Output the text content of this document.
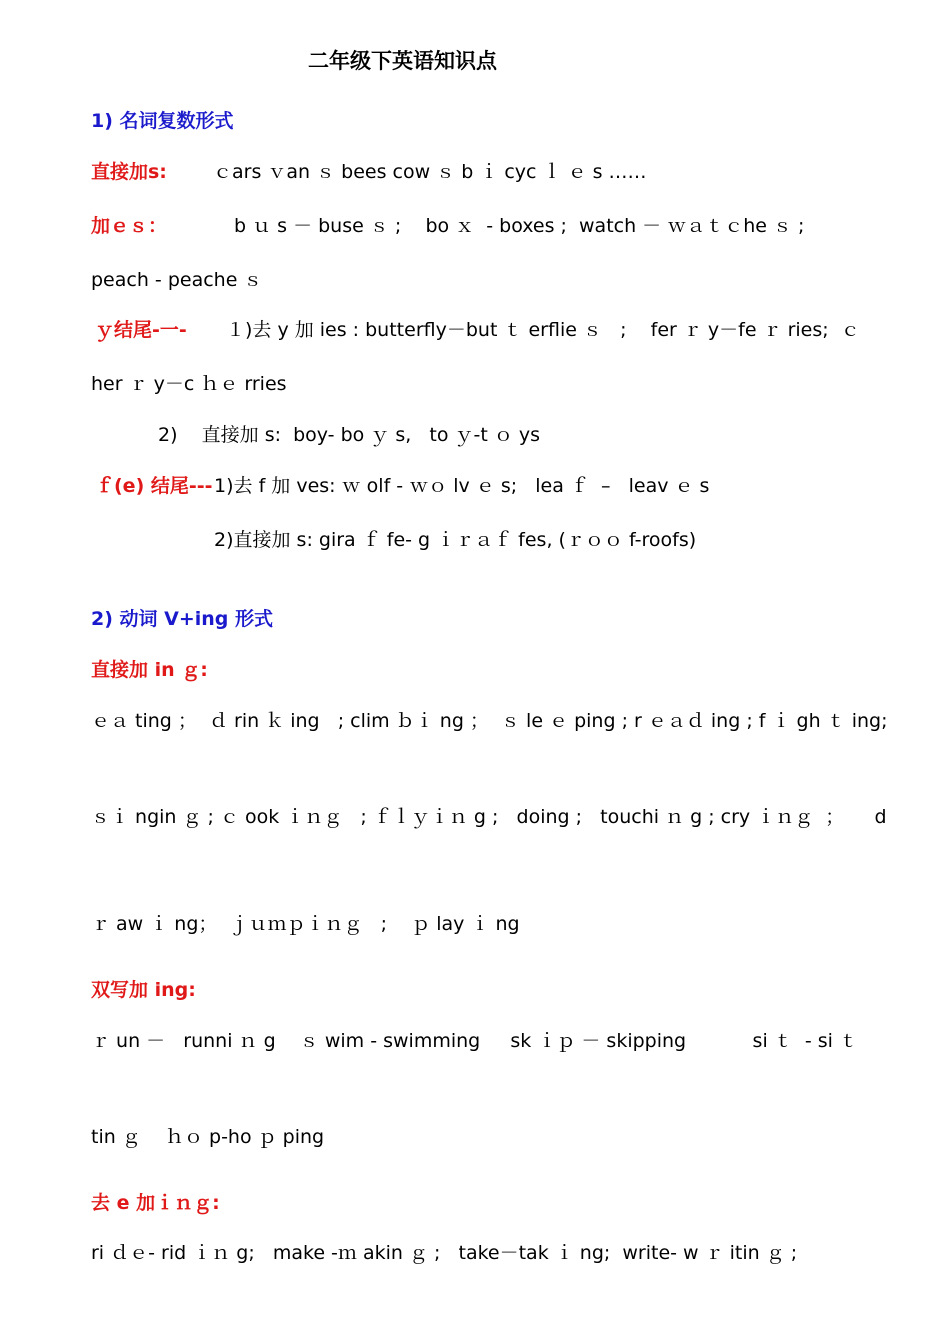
二年级下英语知识点
1) 名词复数形式
直接加s: ｃars ｖan ｓ bees cow ｓ b ｉ cyc ｌ ｅ s ……
加ｅｓ：	b ｕ s － buse ｓ ;    bo ｘ  - boxes ;  watch － ｗａｔｃhe ｓ ;
peach - peache ｓ
ｙ结尾-一- １)去 y 加 ies : butterfly－but ｔ erflie ｓ   ;    fer ｒ y－fe ｒ ries;  ｃ
her ｒ y－c ｈｅ rries
2)    直接加 s:  boy- bo ｙ s,   to ｙ-t ｏ ys
ｆ(e) 结尾---
1)去 f 加 ves: ｗ olf - ｗｏ lv ｅ s;   lea ｆ  –   leav ｅ s
2)直接加 s: gira ｆ fe- g ｉｒａｆ fes, (ｒｏｏ f-roofs)
2) 动词 V+ing 形式
直接加 in ｇ:
ｅａ ting ；  ｄ rin ｋ ing   ; clim ｂｉ ng ；  ｓ le ｅ ping ; r ｅａｄ ing ; f ｉ gh ｔ ing;
ｓｉ ngin ｇ ; ｃ ook ｉｎｇ   ; ｆｌｙｉｎ g ;   doing ;   touchi ｎ g ; cry ｉｎｇ  ；     d
ｒ aw ｉ ng；  ｊｕｍｐｉｎｇ   ;    ｐ lay ｉ ng
双写加 ing:
ｒ un －   runni ｎ g    ｓ wim - swimming     sk ｉｐ － skipping           si ｔ  - si ｔ
tin ｇ    ｈｏ p-ho ｐ ping
去 e 加ｉｎｇ:
ri ｄｅ- rid ｉｎ g;   make -ｍ akin ｇ ;   take－tak ｉ ng;  write- w ｒ itin ｇ ;
